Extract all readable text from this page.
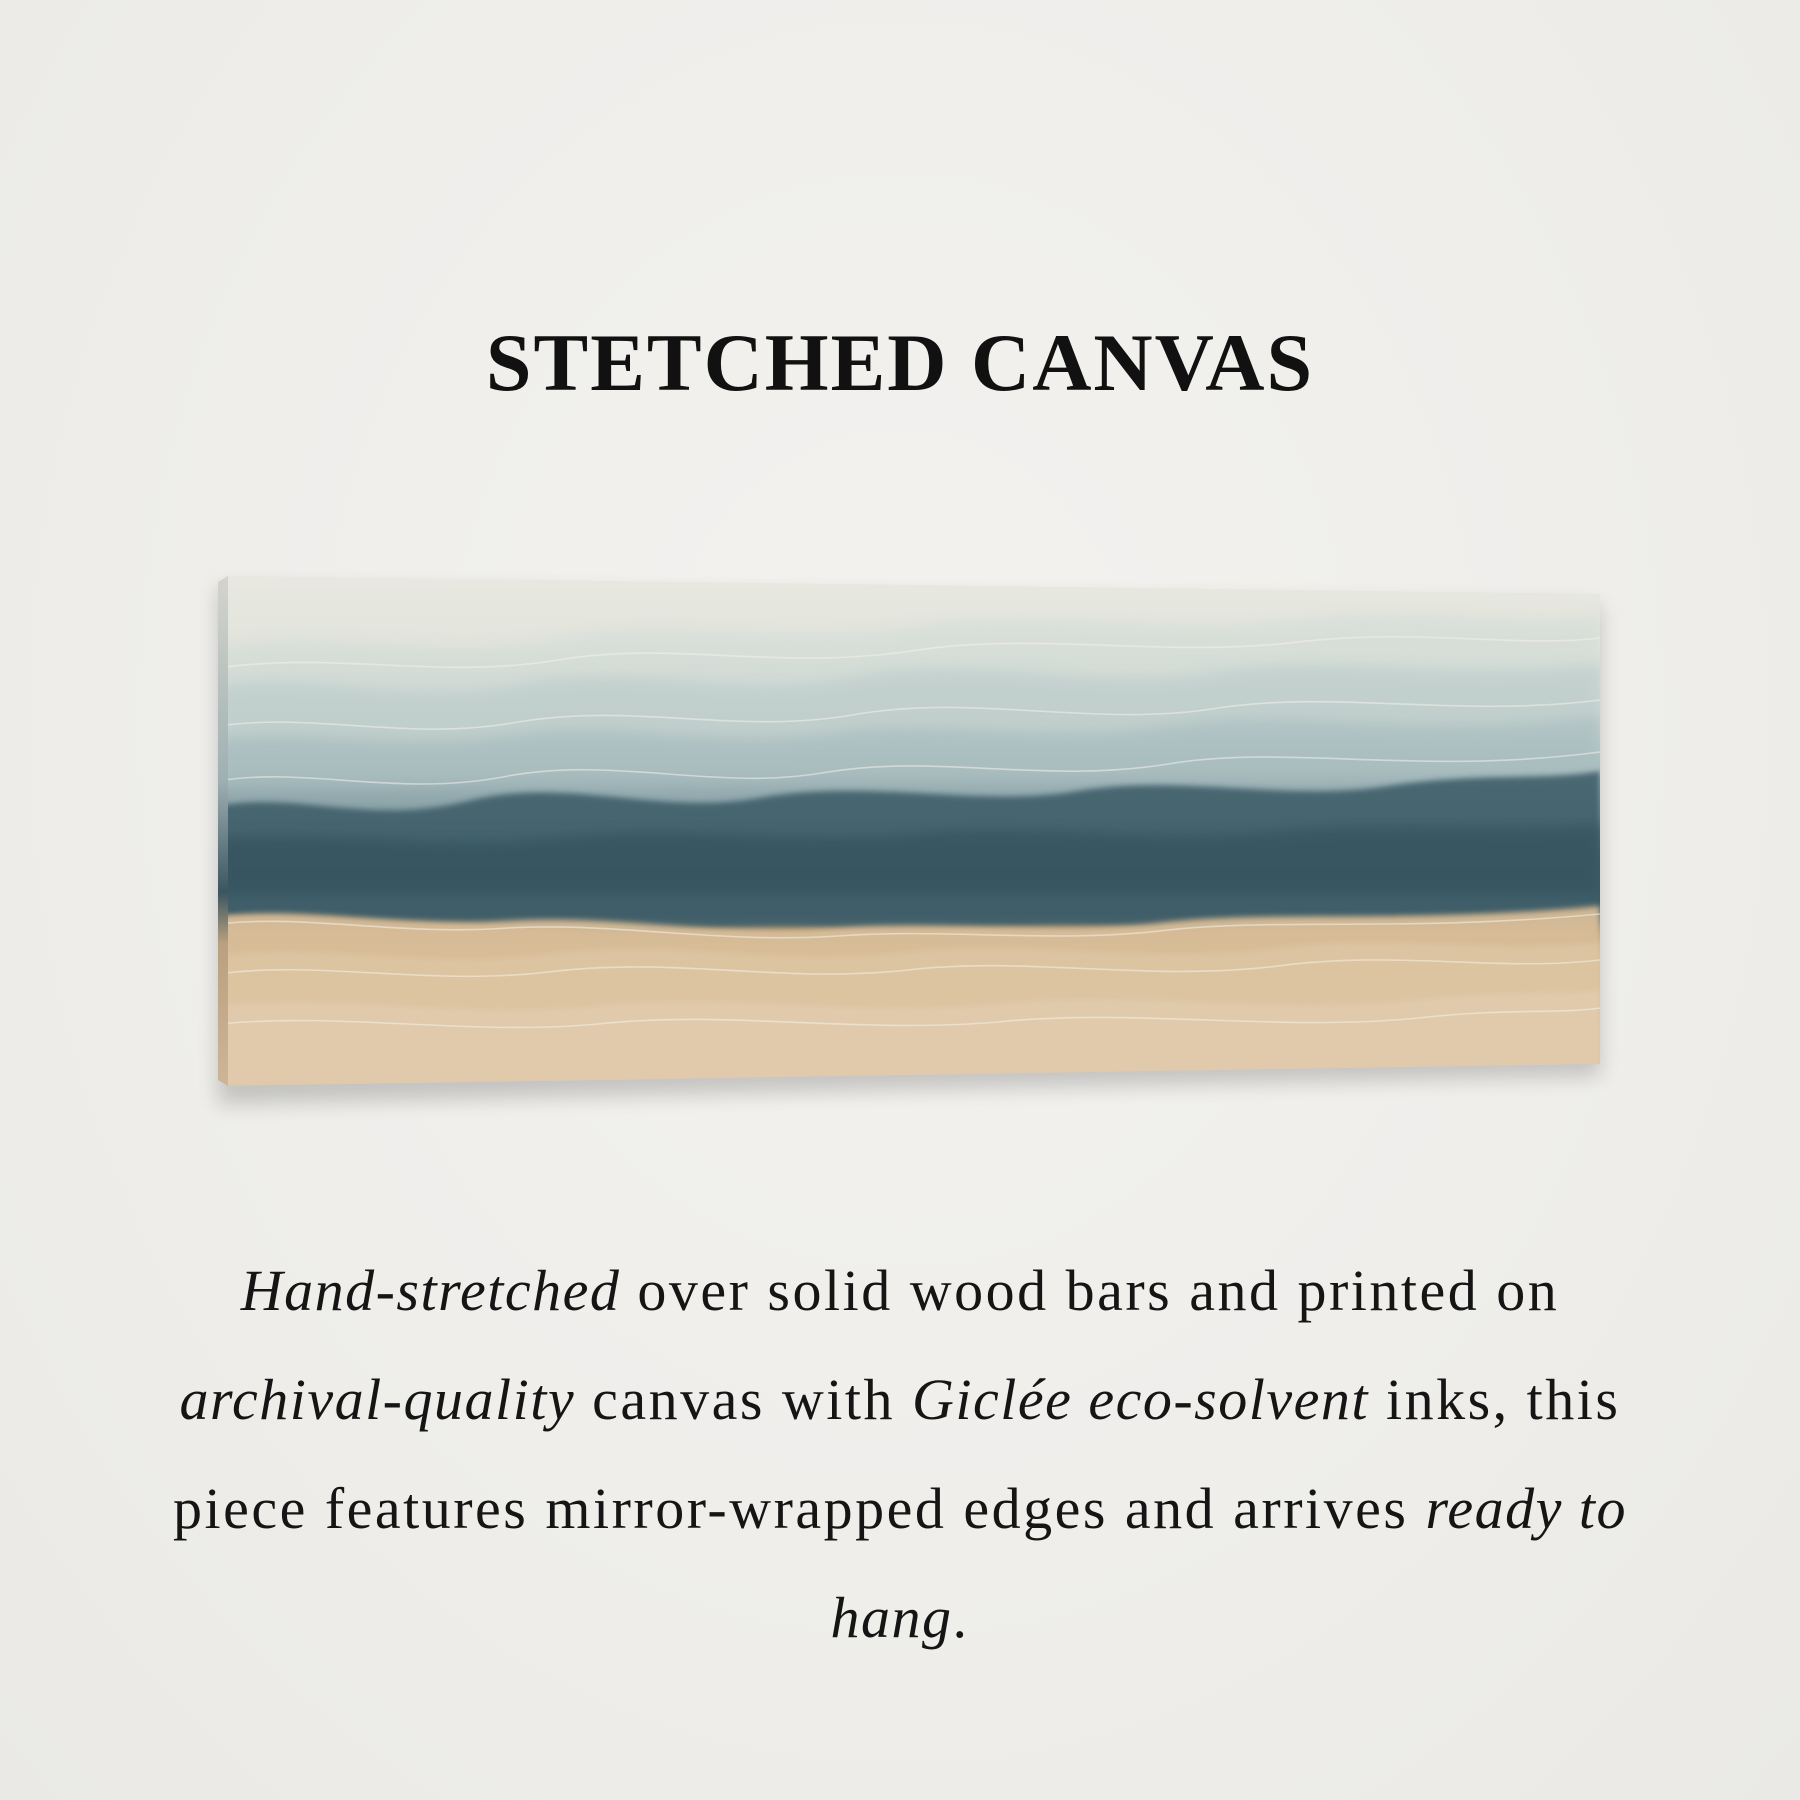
STETCHED CANVAS

Hand-stretched over solid wood bars and printed on archival-quality canvas with Giclée eco-solvent inks, this piece features mirror-wrapped edges and arrives ready to hang.
